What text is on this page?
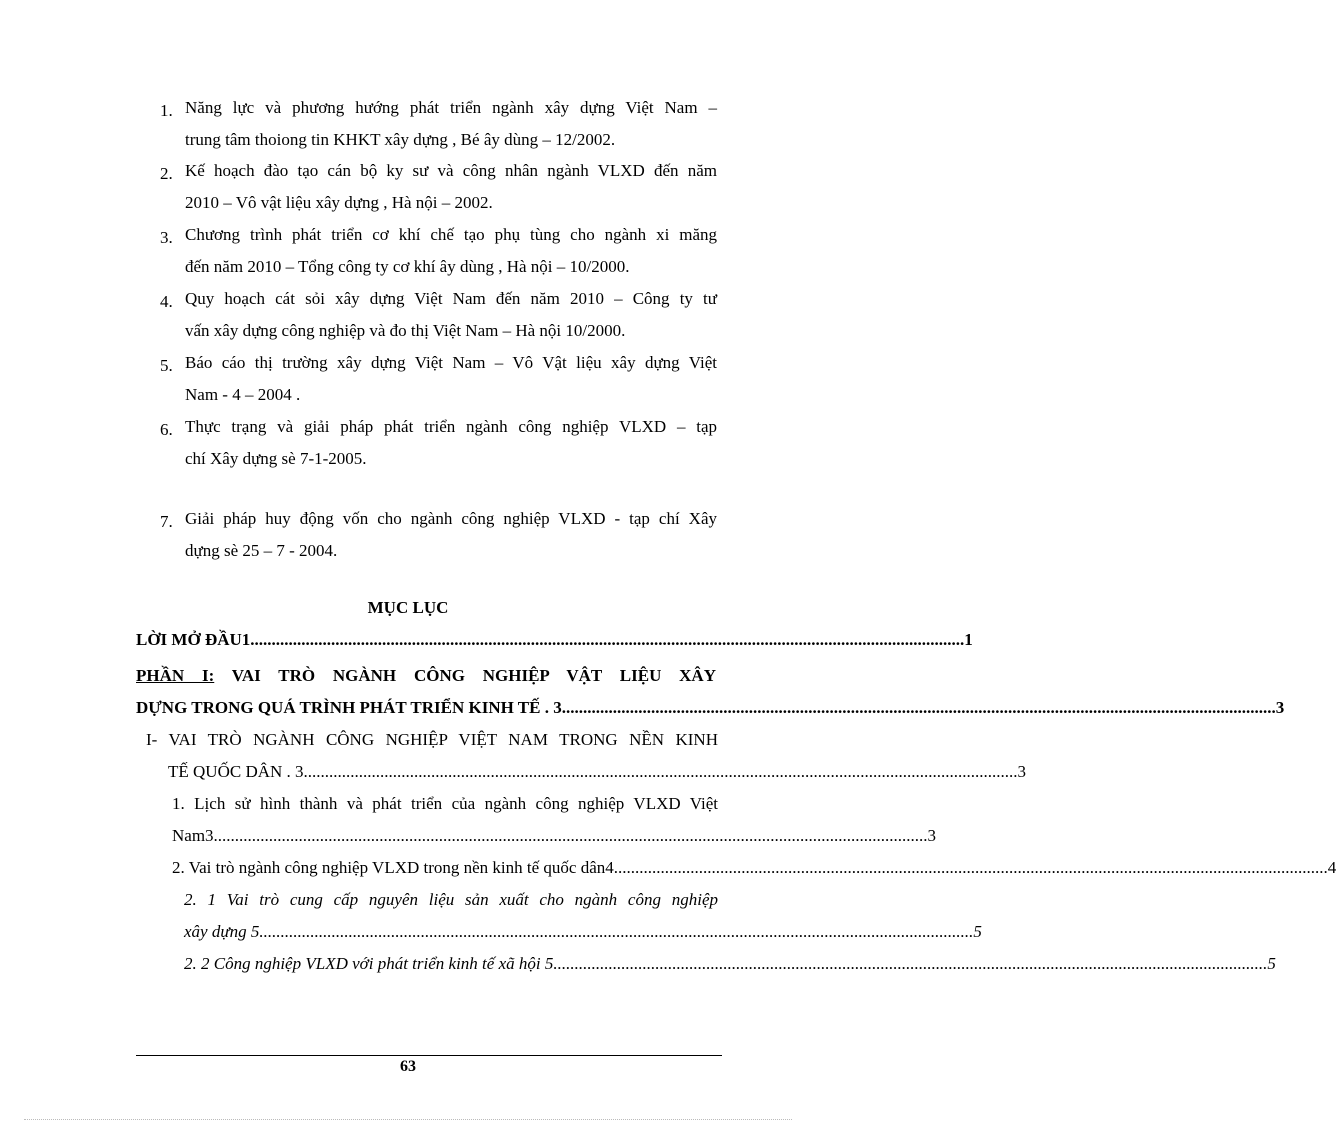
1. Năng lực và phương hướng phát triển ngành xây dựng Việt Nam –
trung tâm thoiong tin KHKT xây dựng , Bé ây dùng – 12/2002.
2. Kế hoạch đào tạo cán bộ ky sư và công nhân ngành VLXD đến năm
2010 – Vô vật liệu xây dựng , Hà nội – 2002.
3. Chương trình phát triển cơ khí chế tạo phụ tùng cho ngành xi măng
đến năm 2010 – Tổng công ty cơ khí ây dùng , Hà nội – 10/2000.
4. Quy hoạch cát sỏi xây dựng Việt Nam đến năm 2010 – Công ty tư
vấn xây dựng công nghiệp và đo thị Việt Nam – Hà nội 10/2000.
5. Báo cáo thị trường xây dựng Việt Nam – Vô Vật liệu xây dựng Việt
Nam - 4 – 2004 .
6. Thực trạng và giải pháp phát triển ngành công nghiệp VLXD – tạp
chí Xây dựng sè 7-1-2005.
7. Giải pháp huy động vốn cho ngành công nghiệp VLXD - tạp chí Xây
dựng sè 25 – 7 - 2004.
MỤC LỤC
LỜI MỞ ĐẦU1 ........................................................................................................................................................................ 1
PHẦN I: VAI TRÒ NGÀNH CÔNG NGHIỆP VẬT LIỆU XÂY
DỰNG TRONG QUÁ TRÌNH PHÁT TRIỂN KINH TẾ . 3 ........................................................................................................................................................................ 3
I- VAI TRÒ NGÀNH CÔNG NGHIỆP VIỆT NAM TRONG NỀN KINH
TẾ QUỐC DÂN . 3 ........................................................................................................................................................................ 3
1. Lịch sử hình thành và phát triển của ngành công nghiệp VLXD Việt
Nam3 ........................................................................................................................................................................ 3
2. Vai trò ngành công nghiệp VLXD trong nền kinh tế quốc dân4 ........................................................................................................................................................................ 4
2. 1 Vai trò cung cấp nguyên liệu sản xuất cho ngành công nghiệp
xây dựng 5 ........................................................................................................................................................................ 5
2. 2 Công nghiệp VLXD với phát triển kinh tế xã hội 5 ........................................................................................................................................................................ 5
63
